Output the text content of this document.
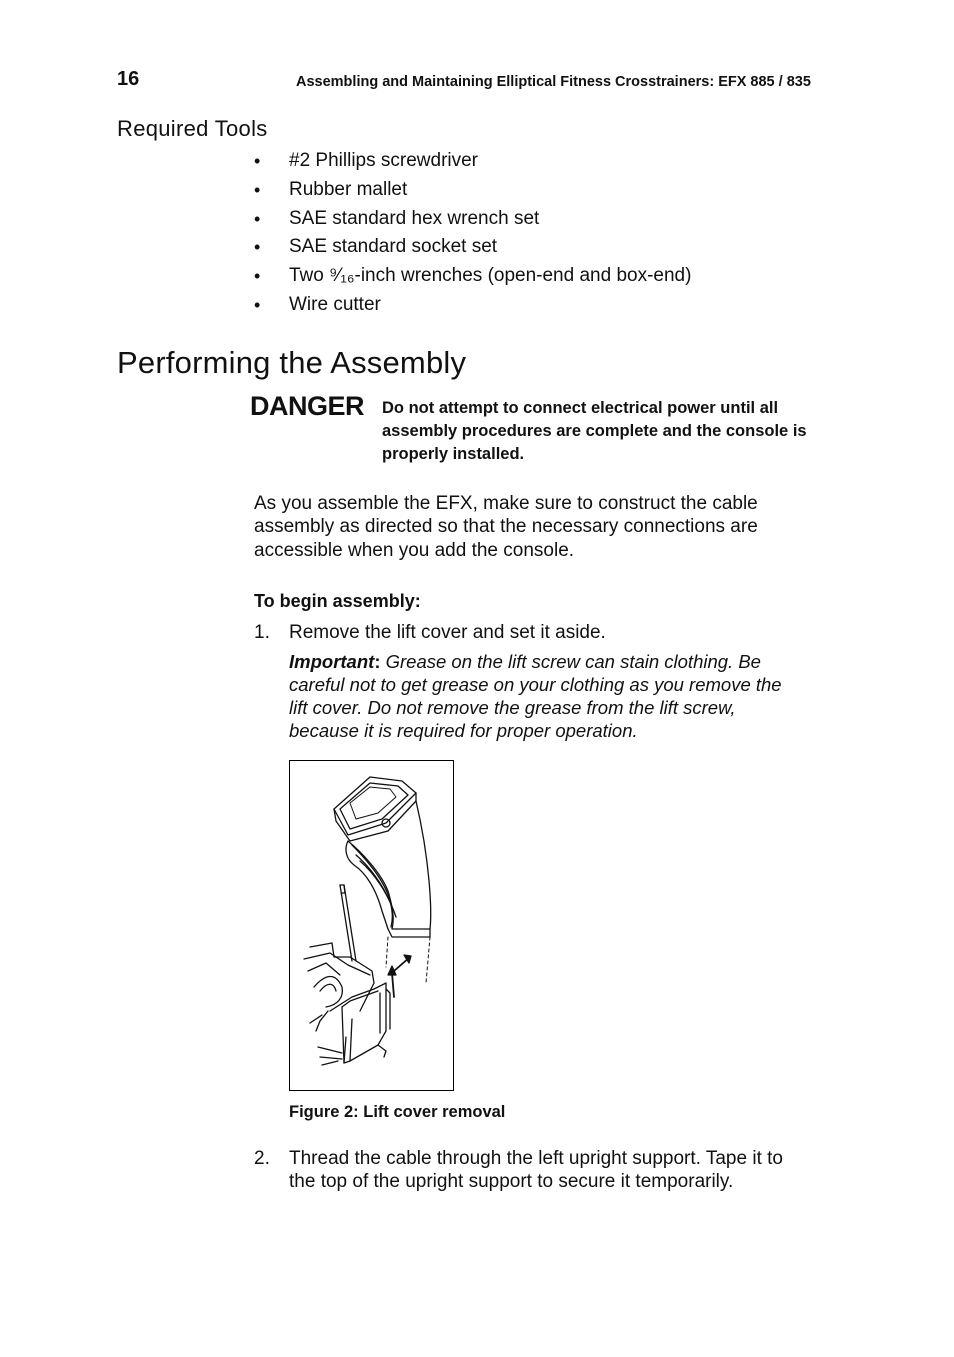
16	Assembling and Maintaining Elliptical Fitness Crosstrainers: EFX 885 / 835
Required Tools
• #2 Phillips screwdriver
• Rubber mallet
• SAE standard hex wrench set
• SAE standard socket set
• Two ⁹⁄₁₆-inch wrenches (open-end and box-end)
• Wire cutter
Performing the Assembly
DANGER Do not attempt to connect electrical power until all assembly procedures are complete and the console is properly installed.
As you assemble the EFX, make sure to construct the cable assembly as directed so that the necessary connections are accessible when you add the console.
To begin assembly:
1. Remove the lift cover and set it aside.
Important: Grease on the lift screw can stain clothing. Be careful not to get grease on your clothing as you remove the lift cover. Do not remove the grease from the lift screw, because it is required for proper operation.
Figure 2: Lift cover removal
2. Thread the cable through the left upright support. Tape it to the top of the upright support to secure it temporarily.
